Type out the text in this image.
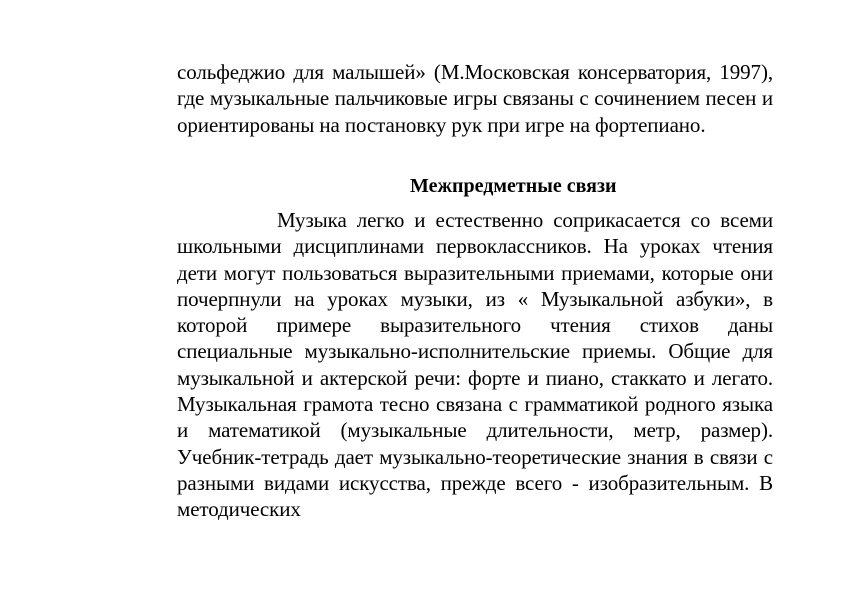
сольфеджио для малышей» (М.Московская консерватория, 1997), где музыкальные пальчиковые игры связаны с сочинением песен и ориентированы на постановку рук при игре на фортепиано.

Межпредметные связи

Музыка легко и естественно соприкасается со всеми школьными дисциплинами первоклассников. На уроках чтения дети могут пользоваться выразительными приемами, которые они почерпнули на уроках музыки, из « Музыкальной азбуки», в которой примере выразительного чтения стихов даны специальные музыкально-исполнительские приемы. Общие для музыкальной и актерской речи: форте и пиано, стаккато и легато. Музыкальная грамота тесно связана с грамматикой родного языка и математикой (музыкальные длительности, метр, размер). Учебник-тетрадь дает музыкально-теоретические знания в связи с разными видами искусства, прежде всего - изобразительным. В методических
